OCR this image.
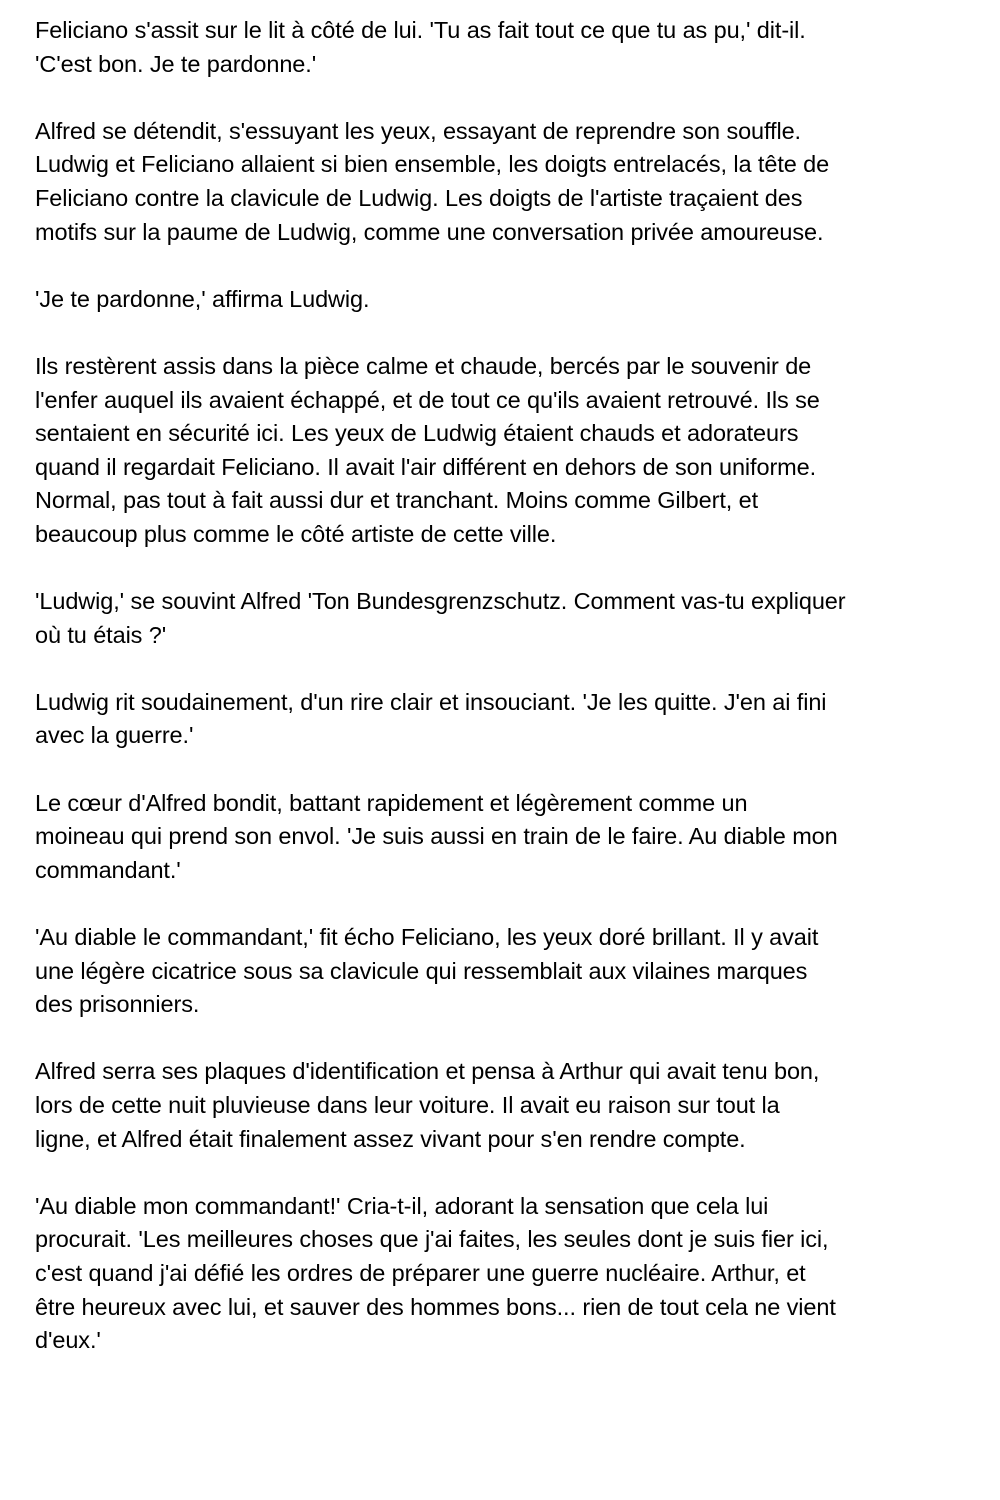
Feliciano s'assit sur le lit à côté de lui. 'Tu as fait tout ce que tu as pu,' dit-il.
'C'est bon. Je te pardonne.'

Alfred se détendit, s'essuyant les yeux, essayant de reprendre son souffle.
Ludwig et Feliciano allaient si bien ensemble, les doigts entrelacés, la tête de
Feliciano contre la clavicule de Ludwig. Les doigts de l'artiste traçaient des
motifs sur la paume de Ludwig, comme une conversation privée amoureuse.

'Je te pardonne,' affirma Ludwig.

Ils restèrent assis dans la pièce calme et chaude, bercés par le souvenir de
l'enfer auquel ils avaient échappé, et de tout ce qu'ils avaient retrouvé. Ils se
sentaient en sécurité ici. Les yeux de Ludwig étaient chauds et adorateurs
quand il regardait Feliciano. Il avait l'air différent en dehors de son uniforme.
Normal, pas tout à fait aussi dur et tranchant. Moins comme Gilbert, et
beaucoup plus comme le côté artiste de cette ville.

'Ludwig,' se souvint Alfred 'Ton Bundesgrenzschutz. Comment vas-tu expliquer
où tu étais ?'

Ludwig rit soudainement, d'un rire clair et insouciant. 'Je les quitte. J'en ai fini
avec la guerre.'

Le cœur d'Alfred bondit, battant rapidement et légèrement comme un
moineau qui prend son envol. 'Je suis aussi en train de le faire. Au diable mon
commandant.'

'Au diable le commandant,' fit écho Feliciano, les yeux doré brillant. Il y avait
une légère cicatrice sous sa clavicule qui ressemblait aux vilaines marques
des prisonniers.

Alfred serra ses plaques d'identification et pensa à Arthur qui avait tenu bon,
lors de cette nuit pluvieuse dans leur voiture. Il avait eu raison sur tout la
ligne, et Alfred était finalement assez vivant pour s'en rendre compte.

'Au diable mon commandant!' Cria-t-il, adorant la sensation que cela lui
procurait. 'Les meilleures choses que j'ai faites, les seules dont je suis fier ici,
c'est quand j'ai défié les ordres de préparer une guerre nucléaire. Arthur, et
être heureux avec lui, et sauver des hommes bons... rien de tout cela ne vient
d'eux.'
